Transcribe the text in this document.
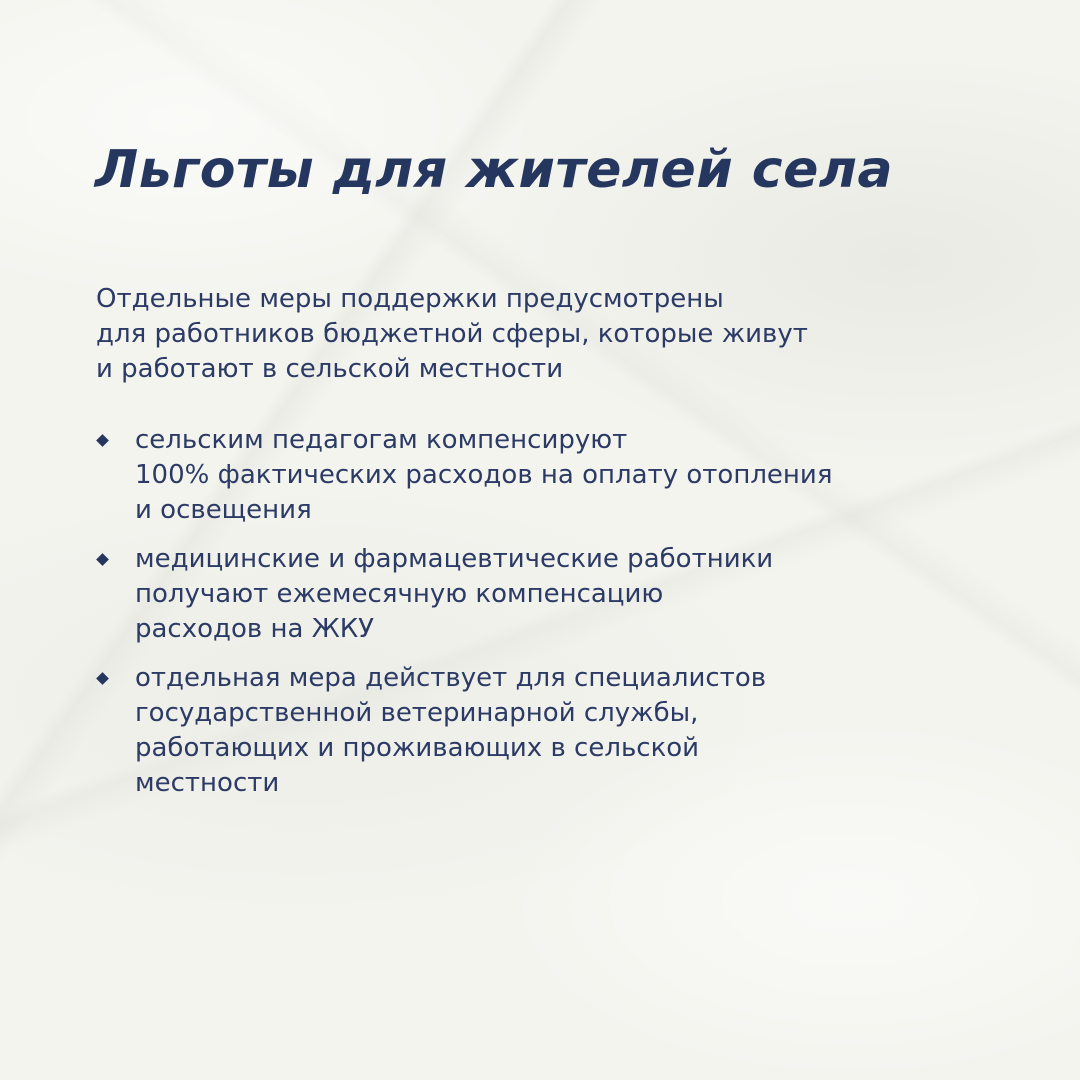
Льготы для жителей села

Отдельные меры поддержки предусмотрены
для работников бюджетной сферы, которые живут
и работают в сельской местности

сельским педагогам компенсируют
100% фактических расходов на оплату отопления
и освещения
медицинские и фармацевтические работники
получают ежемесячную компенсацию
расходов на ЖКУ
отдельная мера действует для специалистов
государственной ветеринарной службы,
работающих и проживающих в сельской
местности
